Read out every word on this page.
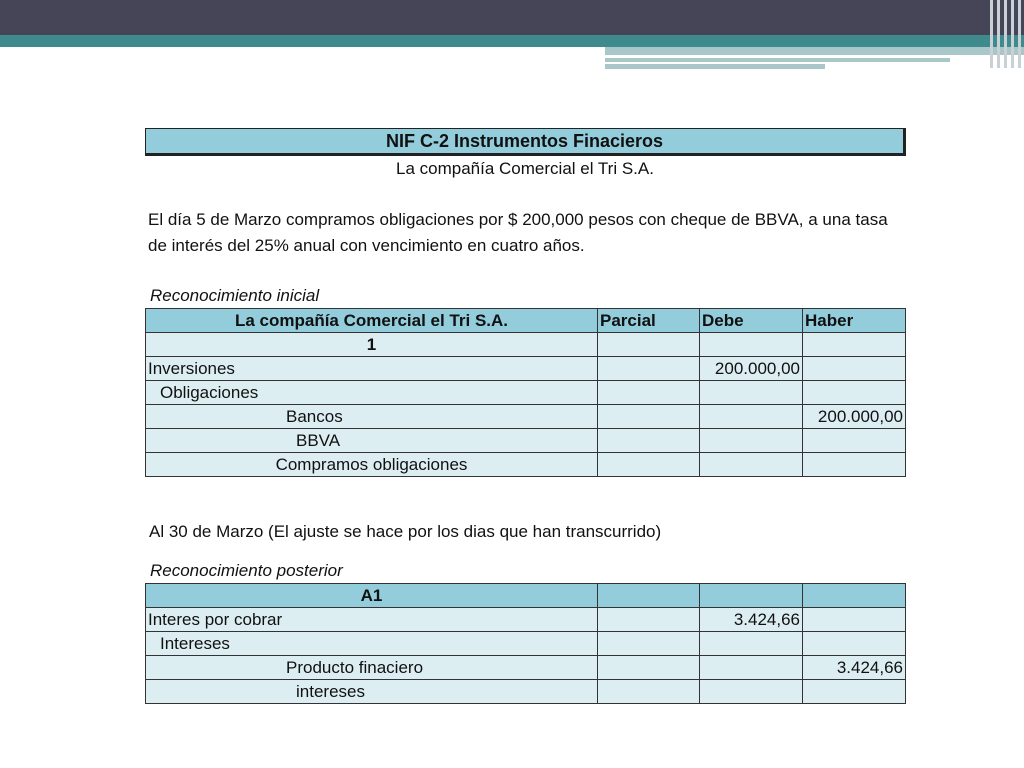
NIF C-2 Instrumentos Finacieros
La compañía Comercial el Tri S.A.
El día 5 de Marzo compramos obligaciones por $ 200,000 pesos con cheque de BBVA, a una tasa de interés del 25% anual con vencimiento en cuatro años.
Reconocimiento inicial
La compañía Comercial el Tri S.A.	Parcial	Debe	Haber
1			
Inversiones		200.000,00	
Obligaciones			
Bancos			200.000,00
BBVA			
Compramos obligaciones			
Al 30 de Marzo (El ajuste se hace por los dias que han transcurrido)
Reconocimiento posterior
A1			
Interes por cobrar		3.424,66	
Intereses			
Producto finaciero			3.424,66
intereses			
